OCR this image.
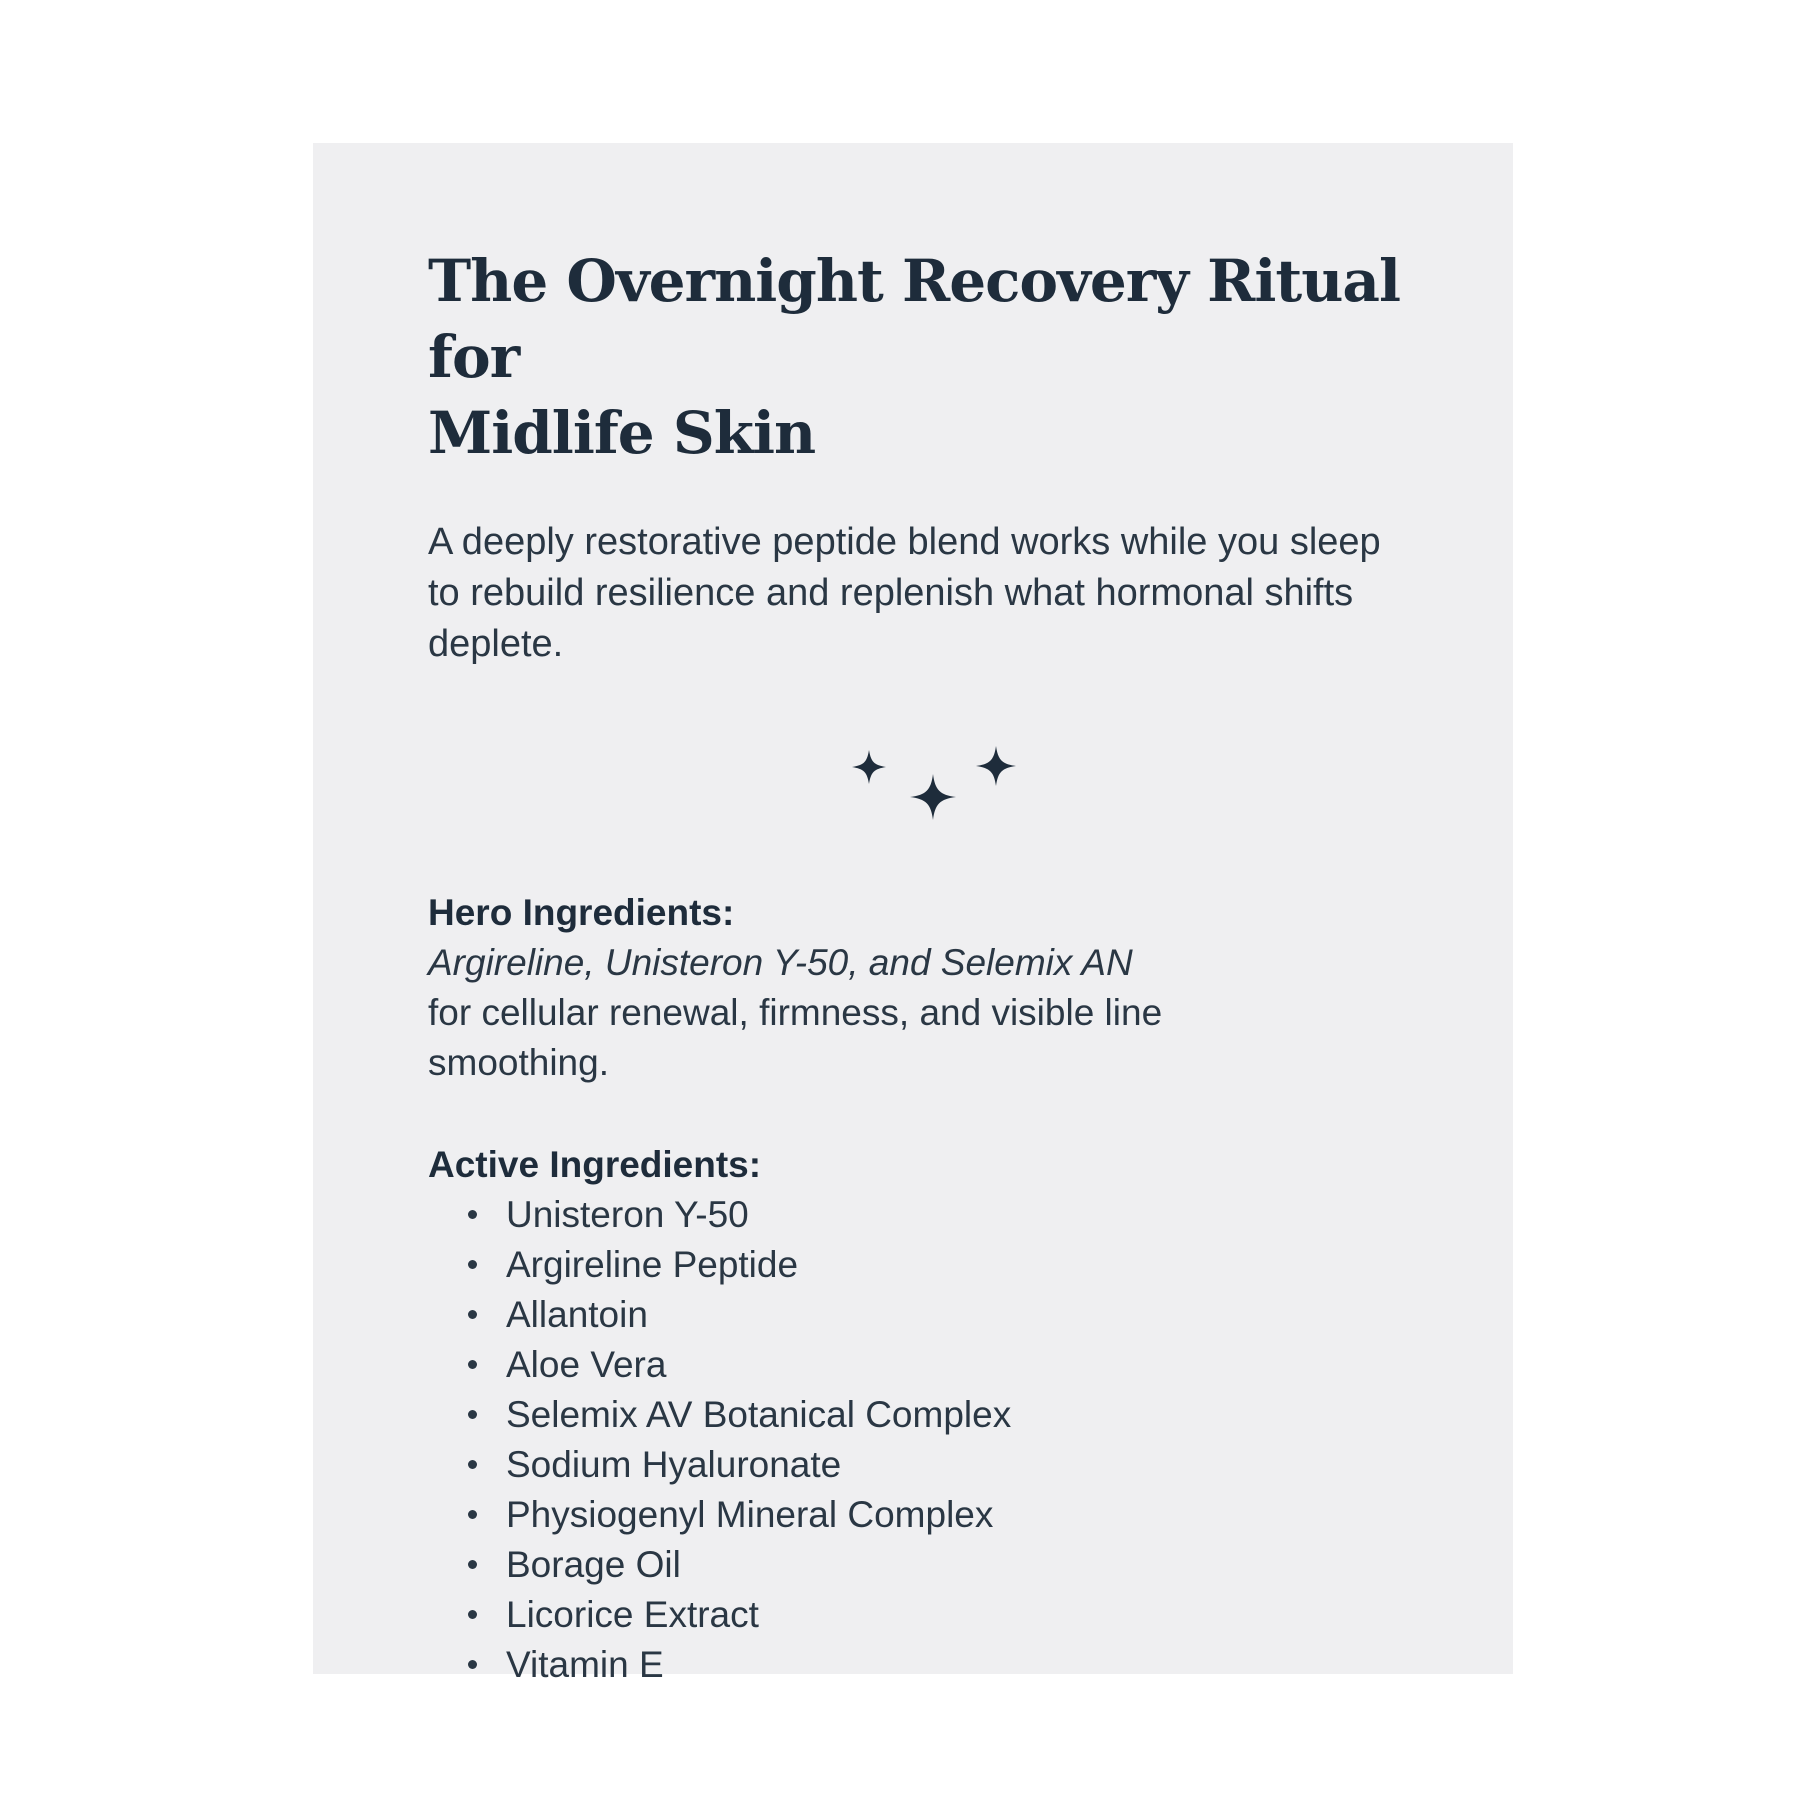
The Overnight Recovery Ritual for
Midlife Skin

A deeply restorative peptide blend works while you sleep to rebuild resilience and replenish what hormonal shifts deplete.

Hero Ingredients:

Argireline, Unisteron Y-50, and Selemix AN
for cellular renewal, firmness, and visible line smoothing.

Active Ingredients:
Unisteron Y-50
Argireline Peptide
Allantoin
Aloe Vera
Selemix AV Botanical Complex
Sodium Hyaluronate
Physiogenyl Mineral Complex
Borage Oil
Licorice Extract
Vitamin E
